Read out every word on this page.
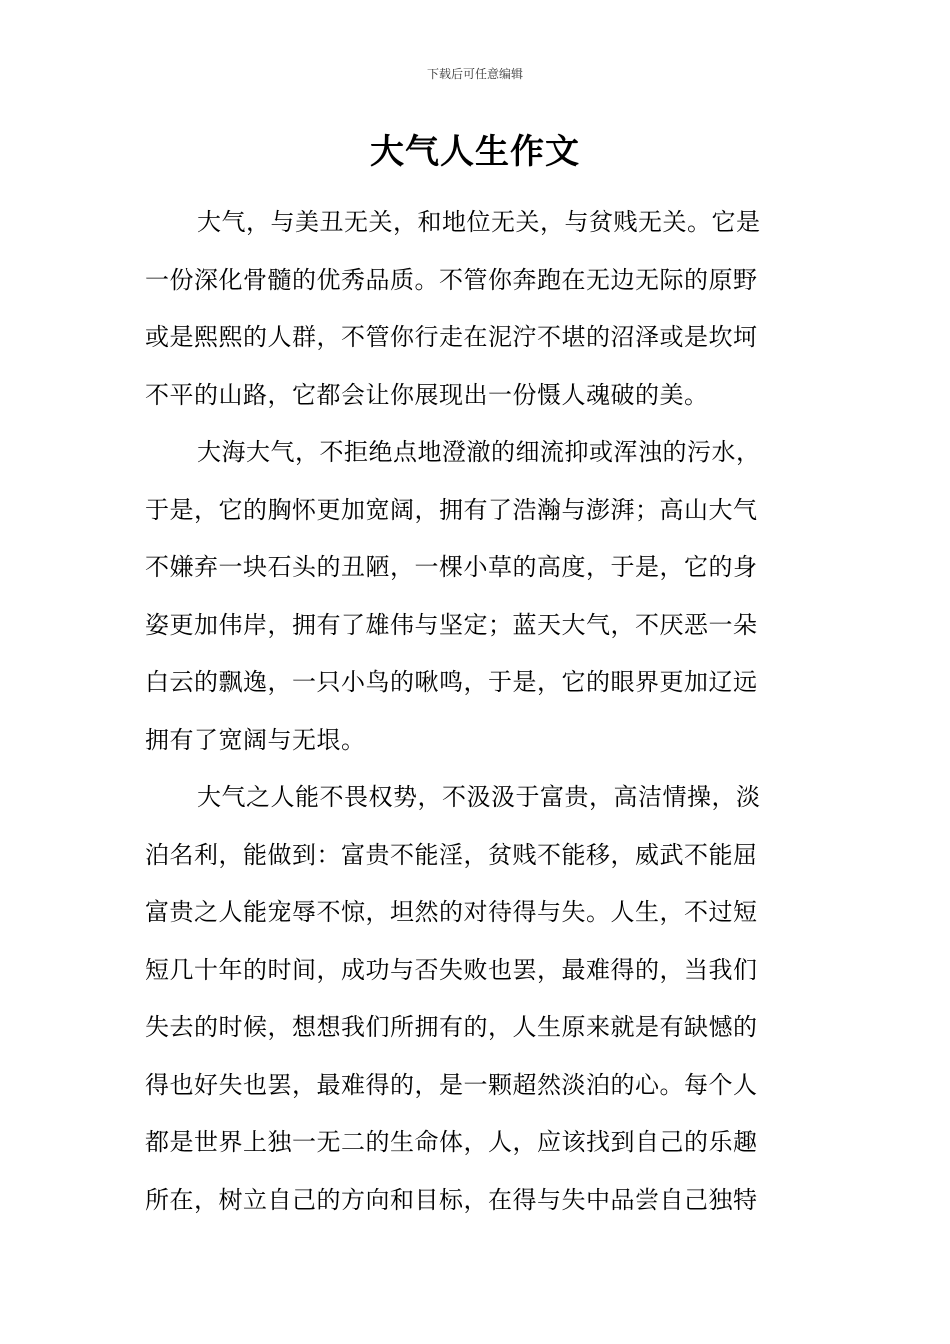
下载后可任意编辑
大气人生作文
大气，与美丑无关，和地位无关，与贫贱无关。它是
一份深化骨髓的优秀品质。不管你奔跑在无边无际的原野
或是熙熙的人群，不管你行走在泥泞不堪的沼泽或是坎坷
不平的山路，它都会让你展现出一份慑人魂破的美。
大海大气，不拒绝点地澄澈的细流抑或浑浊的污水，
于是，它的胸怀更加宽阔，拥有了浩瀚与澎湃；高山大气
不嫌弃一块石头的丑陋，一棵小草的高度，于是，它的身
姿更加伟岸，拥有了雄伟与坚定；蓝天大气，不厌恶一朵
白云的飘逸，一只小鸟的啾鸣，于是，它的眼界更加辽远
拥有了宽阔与无垠。
大气之人能不畏权势，不汲汲于富贵，高洁情操，淡
泊名利，能做到：富贵不能淫，贫贱不能移，威武不能屈
富贵之人能宠辱不惊，坦然的对待得与失。人生，不过短
短几十年的时间，成功与否失败也罢，最难得的，当我们
失去的时候，想想我们所拥有的，人生原来就是有缺憾的
得也好失也罢，最难得的，是一颗超然淡泊的心。每个人
都是世界上独一无二的生命体，人，应该找到自己的乐趣
所在，树立自己的方向和目标，在得与失中品尝自己独特
